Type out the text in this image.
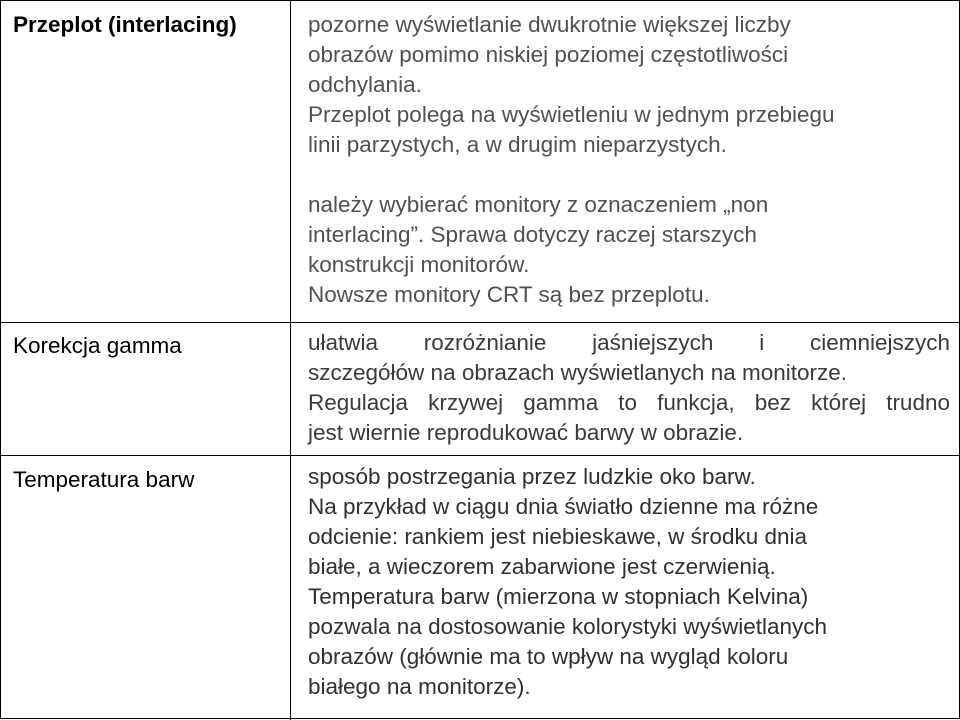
Przeplot (interlacing)	pozorne wyświetlanie dwukrotnie większej liczby
obrazów pomimo niskiej poziomej częstotliwości
odchylania.
Przeplot polega na wyświetleniu w jednym przebiegu
linii parzystych, a w drugim nieparzystych.
należy wybierać monitory z oznaczeniem „non
interlacing”. Sprawa dotyczy raczej starszych
konstrukcji monitorów.
Nowsze monitory CRT są bez przeplotu.
Korekcja gamma	ułatwia rozróżnianie jaśniejszych i ciemniejszych
szczegółów na obrazach wyświetlanych na monitorze.
Regulacja krzywej gamma to funkcja, bez której trudno
jest wiernie reprodukować barwy w obrazie.
Temperatura barw	sposób postrzegania przez ludzkie oko barw.
Na przykład w ciągu dnia światło dzienne ma różne
odcienie: rankiem jest niebieskawe, w środku dnia
białe, a wieczorem zabarwione jest czerwienią.
Temperatura barw (mierzona w stopniach Kelvina)
pozwala na dostosowanie kolorystyki wyświetlanych
obrazów (głównie ma to wpływ na wygląd koloru
białego na monitorze).
